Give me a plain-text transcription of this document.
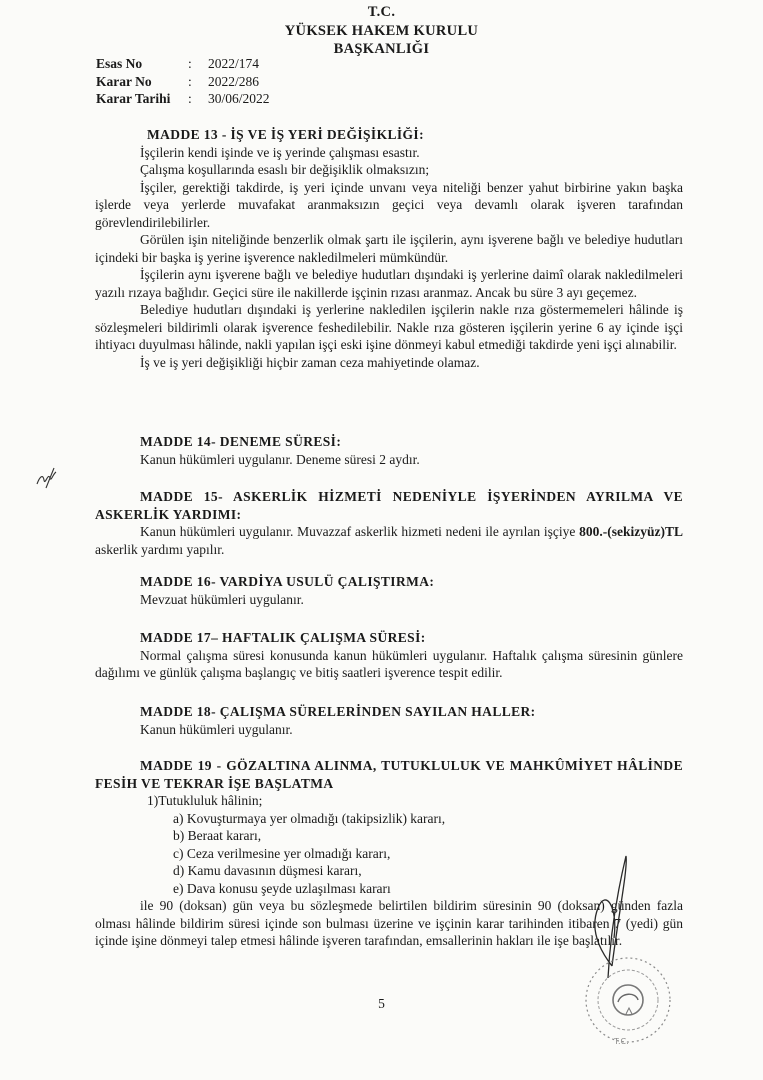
T.C.
YÜKSEK HAKEM KURULU
BAŞKANLIĞI
Esas No	:	2022/174
Karar No	:	2022/286
Karar Tarihi	:	30/06/2022
MADDE 13 - İŞ VE İŞ YERİ DEĞİŞİKLİĞİ:
İşçilerin kendi işinde ve iş yerinde çalışması esastır.
Çalışma koşullarında esaslı bir değişiklik olmaksızın;
İşçiler, gerektiği takdirde, iş yeri içinde unvanı veya niteliği benzer yahut birbirine yakın başka işlerde veya yerlerde muvafakat aranmaksızın geçici veya devamlı olarak işveren tarafından görevlendirilebilirler.
Görülen işin niteliğinde benzerlik olmak şartı ile işçilerin, aynı işverene bağlı ve belediye hudutları içindeki bir başka iş yerine işverence nakledilmeleri mümkündür.
İşçilerin aynı işverene bağlı ve belediye hudutları dışındaki iş yerlerine daimî olarak nakledilmeleri yazılı rızaya bağlıdır. Geçici süre ile nakillerde işçinin rızası aranmaz. Ancak bu süre 3 ayı geçemez.
Belediye hudutları dışındaki iş yerlerine nakledilen işçilerin nakle rıza göstermemeleri hâlinde iş sözleşmeleri bildirimli olarak işverence feshedilebilir. Nakle rıza gösteren işçilerin yerine 6 ay içinde işçi ihtiyacı duyulması hâlinde, nakli yapılan işçi eski işine dönmeyi kabul etmediği takdirde yeni işçi alınabilir.
İş ve iş yeri değişikliği hiçbir zaman ceza mahiyetinde olamaz.
MADDE 14- DENEME SÜRESİ:
Kanun hükümleri uygulanır. Deneme süresi 2 aydır.
MADDE 15- ASKERLİK HİZMETİ NEDENİYLE İŞYERİNDEN AYRILMA VE ASKERLİK YARDIMI:
Kanun hükümleri uygulanır. Muvazzaf askerlik hizmeti nedeni ile ayrılan işçiye 800.-(sekizyüz)TL askerlik yardımı yapılır.
MADDE 16- VARDİYA USULÜ ÇALIŞTIRMA:
Mevzuat hükümleri uygulanır.
MADDE 17– HAFTALIK ÇALIŞMA SÜRESİ:
Normal çalışma süresi konusunda kanun hükümleri uygulanır. Haftalık çalışma süresinin günlere dağılımı ve günlük çalışma başlangıç ve bitiş saatleri işverence tespit edilir.
MADDE 18- ÇALIŞMA SÜRELERİNDEN SAYILAN HALLER:
Kanun hükümleri uygulanır.
MADDE 19 - GÖZALTINA ALINMA, TUTUKLULUK VE MAHKÛMİYET HÂLİNDE FESİH VE TEKRAR İŞE BAŞLATMA
1)Tutukluluk hâlinin;
a) Kovuşturmaya yer olmadığı (takipsizlik) kararı,
b) Beraat kararı,
c) Ceza verilmesine yer olmadığı kararı,
d) Kamu davasının düşmesi kararı,
e) Dava konusu şeyde uzlaşılması kararı
ile 90 (doksan) gün veya bu sözleşmede belirtilen bildirim süresinin 90 (doksan) günden fazla olması hâlinde bildirim süresi içinde son bulması üzerine ve işçinin karar tarihinden itibaren 7 (yedi) gün içinde işine dönmeyi talep etmesi hâlinde işveren tarafından, emsallerinin hakları ile işe başlatılır.
5
T.C.
